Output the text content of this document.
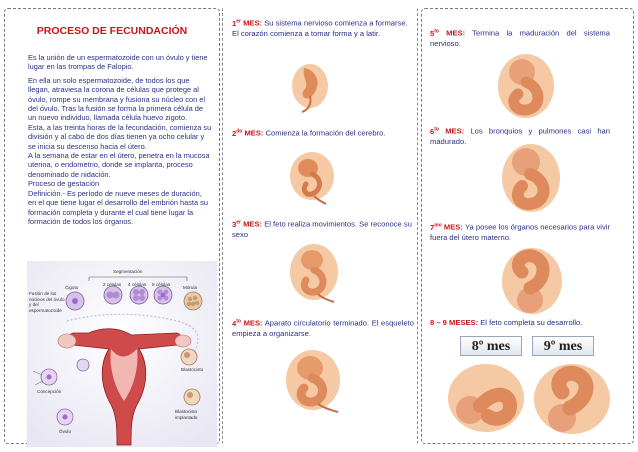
PROCESO DE FECUNDACIÓN

Es la unión de un espermatozoide con un óvulo y tiene lugar en las trompas de Falopio.

En ella un solo espermatozoide, de todos los que llegan, atraviesa la corona de células que protege al óvulo, rompe su membrana y fusiona su núcleo con el del óvulo. Tras la fusión se forma la primera célula de un nuevo individuo, llamada célula huevo zigoto.

Esta, a las treinta horas de la fecundación, comienza su división y al cabo de dos días tienen ya ocho celular y se inicia su descenso hacia el útero.

A la semana de estar en el útero, penetra en la mucosa uterina, o endometrio, donde se implanta, proceso denominado de nidación.

Proceso de gestación

Definición.- Es período de nueve meses de duración, en el que tiene lugar el desarrollo del embrión hasta su formación completa y durante el cual tiene lugar la formación de todos los órganos.

Segmentación
Cigoto
2 células 4 células 8 células
Mórula
Fusión de los núcleos del óvulo y del espermatozoide
Blastocisto
Concepción
Óvulo
Blastocisto implantado
1er MES: Su sistema nervioso comienza a formarse. El corazón comienza a tomar forma y a latir.
$2^{do}$ MES: Comienza la formación del cerebro.
3er MES: El feto realiza movimientos. Se reconoce su sexo
$4^{to}$ MES: Aparato circulatorio terminado. El esqueleto empieza a organizarse.
$5^{to}$ MES: Termina la maduración del sistema nervioso.
$6^{to}$ MES: Los bronquios y pulmones casi han madurado.
$7^{mo}$ MES: Ya posee los órganos necesarios para vivir fuera del útero materno.
8 – 9 MESES: El feto completa su desarrollo.
8º mes	9º mes
